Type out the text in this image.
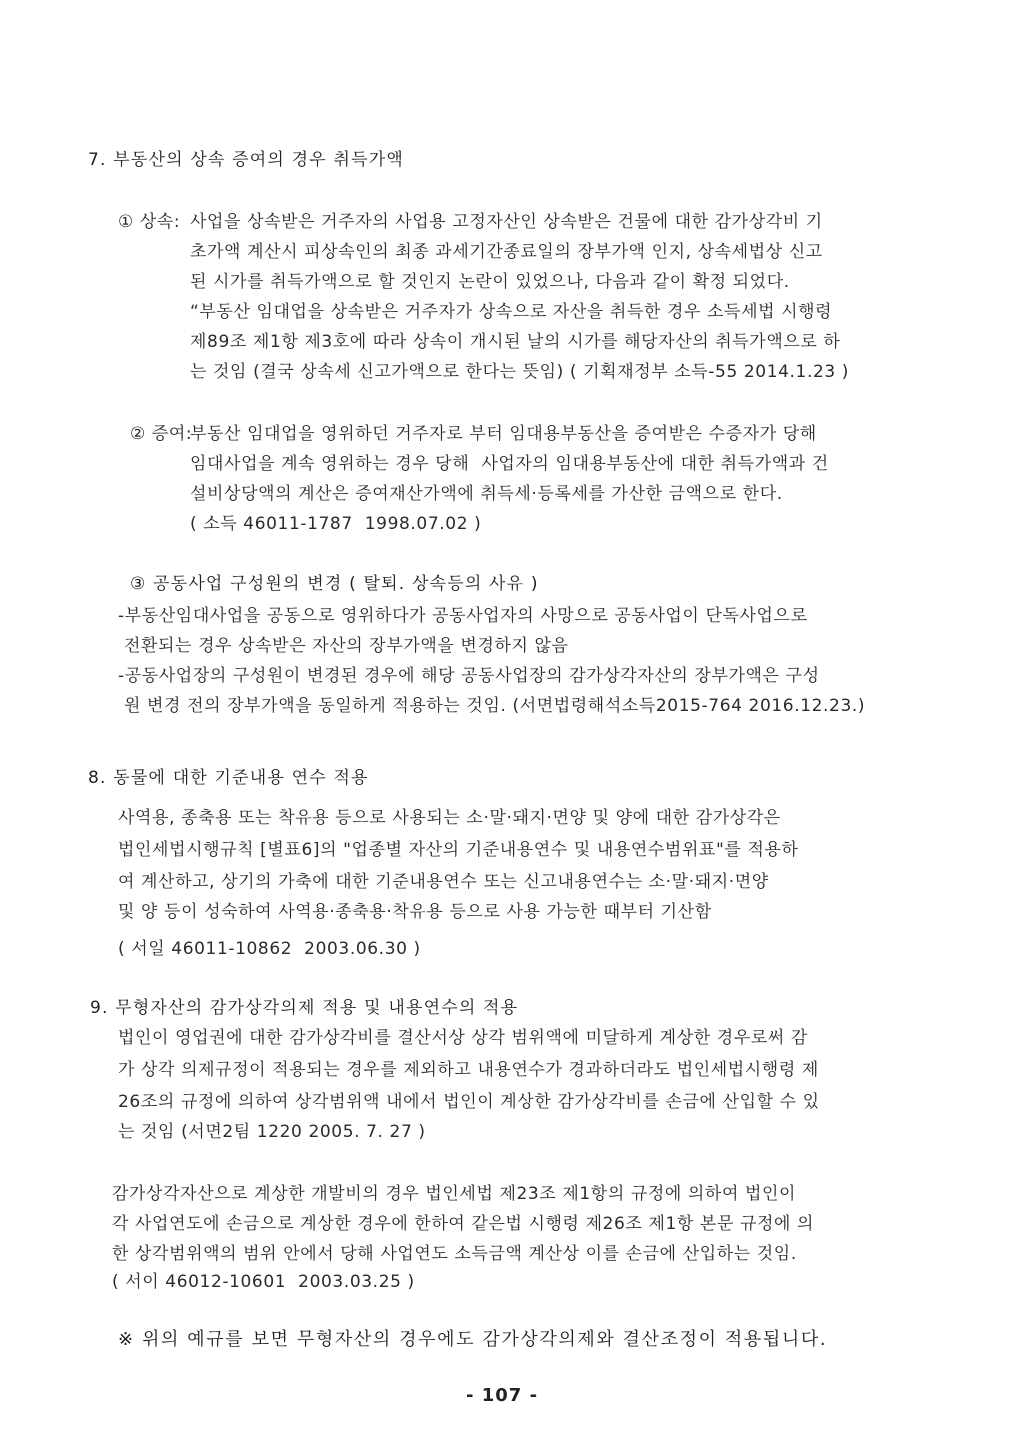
7. 부동산의 상속 증여의 경우 취득가액
① 상속: 사업을 상속받은 거주자의 사업용 고정자산인 상속받은 건물에 대한 감가상각비 기
초가액 계산시 피상속인의 최종 과세기간종료일의 장부가액 인지, 상속세법상 신고
된 시가를 취득가액으로 할 것인지 논란이 있었으나, 다음과 같이 확정 되었다.
“부동산 임대업을 상속받은 거주자가 상속으로 자산을 취득한 경우 소득세법 시행령
제89조 제1항 제3호에 따라 상속이 개시된 날의 시가를 해당자산의 취득가액으로 하
는 것임 (결국 상속세 신고가액으로 한다는 뜻임) ( 기획재정부 소득-55 2014.1.23 )
② 증여:
부동산 임대업을 영위하던 거주자로 부터 임대용부동산을 증여받은 수증자가 당해
임대사업을 계속 영위하는 경우 당해  사업자의 임대용부동산에 대한 취득가액과 건
설비상당액의 계산은 증여재산가액에 취득세·등록세를 가산한 금액으로 한다.
( 소득 46011-1787  1998.07.02 )
③ 공동사업 구성원의 변경 ( 탈퇴. 상속등의 사유 )
-부동산임대사업을 공동으로 영위하다가 공동사업자의 사망으로 공동사업이 단독사업으로
전환되는 경우 상속받은 자산의 장부가액을 변경하지 않음
-공동사업장의 구성원이 변경된 경우에 해당 공동사업장의 감가상각자산의 장부가액은 구성
원 변경 전의 장부가액을 동일하게 적용하는 것임. (서면법령해석소득2015-764 2016.12.23.)
8. 동물에 대한 기준내용 연수 적용
사역용, 종축용 또는 착유용 등으로 사용되는 소·말·돼지·면양 및 양에 대한 감가상각은
법인세법시행규칙 [별표6]의 "업종별 자산의 기준내용연수 및 내용연수범위표"를 적용하
여 계산하고, 상기의 가축에 대한 기준내용연수 또는 신고내용연수는 소·말·돼지·면양
및 양 등이 성숙하여 사역용·종축용·착유용 등으로 사용 가능한 때부터 기산함
( 서일 46011-10862  2003.06.30 )
9. 무형자산의 감가상각의제 적용 및 내용연수의 적용
법인이 영업권에 대한 감가상각비를 결산서상 상각 범위액에 미달하게 계상한 경우로써 감
가 상각 의제규정이 적용되는 경우를 제외하고 내용연수가 경과하더라도 법인세법시행령 제
26조의 규정에 의하여 상각범위액 내에서 법인이 계상한 감가상각비를 손금에 산입할 수 있
는 것임 (서면2팀 1220 2005. 7. 27 )
감가상각자산으로 계상한 개발비의 경우 법인세법 제23조 제1항의 규정에 의하여 법인이
각 사업연도에 손금으로 계상한 경우에 한하여 같은법 시행령 제26조 제1항 본문 규정에 의
한 상각범위액의 범위 안에서 당해 사업연도 소득금액 계산상 이를 손금에 산입하는 것임.
( 서이 46012-10601  2003.03.25 )
※ 위의 예규를 보면 무형자산의 경우에도 감가상각의제와 결산조정이 적용됩니다.
- 107 -
